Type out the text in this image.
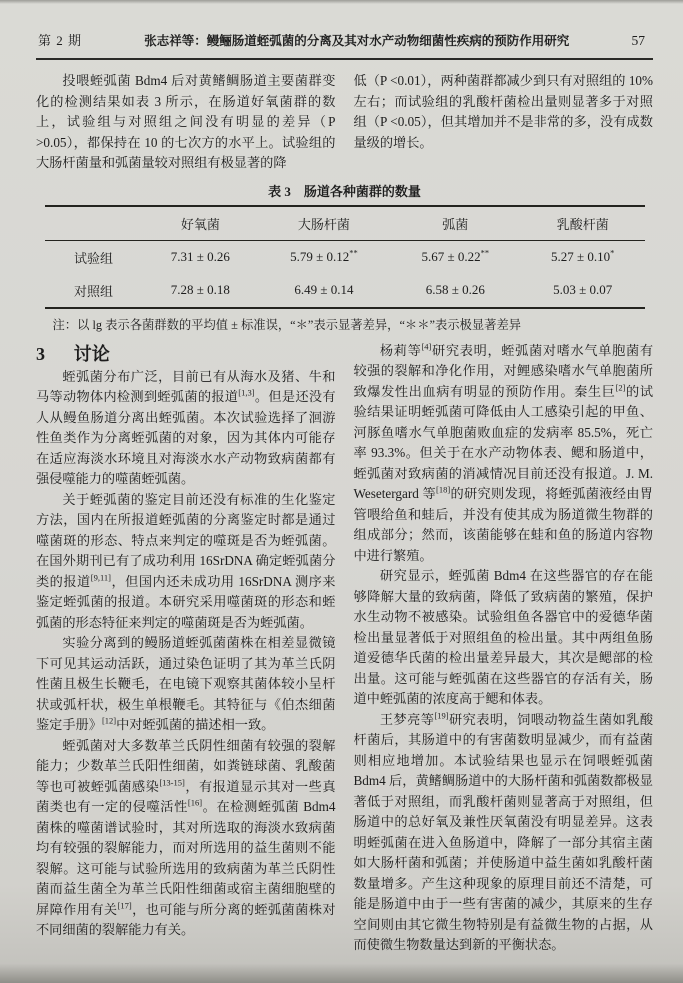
第 2 期	张志祥等：鳗鲡肠道蛭弧菌的分离及其对水产动物细菌性疾病的预防作用研究	57

投喂蛭弧菌 Bdm4 后对黄鳍鲷肠道主要菌群变化的检测结果如表 3 所示，在肠道好氧菌群的数上，试验组与对照组之间没有明显的差异（P >0.05），都保持在 10 的七次方的水平上。试验组的大肠杆菌量和弧菌量较对照组有极显著的降

低（P <0.01），两种菌群都减少到只有对照组的 10% 左右；而试验组的乳酸杆菌检出量则显著多于对照组（P <0.05），但其增加并不是非常的多，没有成数量级的增长。

表 3　肠道各种菌群的数量
	好氧菌	大肠杆菌	弧菌	乳酸杆菌
试验组	7.31 ± 0.26	5.79 ± 0.12**	5.67 ± 0.22**	5.27 ± 0.10*
对照组	7.28 ± 0.18	6.49 ± 0.14	6.58 ± 0.26	5.03 ± 0.07
注：以 lg 表示各菌群数的平均值 ± 标准误，“＊”表示显著差异，“＊＊”表示极显著差异

3 讨论

蛭弧菌分布广泛，目前已有从海水及猪、牛和马等动物体内检测到蛭弧菌的报道[1,3]。但是还没有人从鳗鱼肠道分离出蛭弧菌。本次试验选择了洄游性鱼类作为分离蛭弧菌的对象，因为其体内可能存在适应海淡水环境且对海淡水水产动物致病菌都有强侵噬能力的噬菌蛭弧菌。

关于蛭弧菌的鉴定目前还没有标准的生化鉴定方法，国内在所报道蛭弧菌的分离鉴定时都是通过噬菌斑的形态、特点来判定的噬斑是否为蛭弧菌。在国外期刊已有了成功利用 16SrDNA 确定蛭弧菌分类的报道[9,11]，但国内还未成功用 16SrDNA 测序来鉴定蛭弧菌的报道。本研究采用噬菌斑的形态和蛭弧菌的形态特征来判定的噬菌斑是否为蛭弧菌。

实验分离到的鳗肠道蛭弧菌菌株在相差显微镜下可见其运动活跃，通过染色证明了其为革兰氏阴性菌且极生长鞭毛，在电镜下观察其菌体较小呈杆状或弧杆状，极生单根鞭毛。其特征与《伯杰细菌鉴定手册》[12]中对蛭弧菌的描述相一致。

蛭弧菌对大多数革兰氏阴性细菌有较强的裂解能力；少数革兰氏阳性细菌，如粪链球菌、乳酸菌等也可被蛭弧菌感染[13-15]，有报道显示其对一些真菌类也有一定的侵噬活性[16]。在检测蛭弧菌 Bdm4 菌株的噬菌谱试验时，其对所选取的海淡水致病菌均有较强的裂解能力，而对所选用的益生菌则不能裂解。这可能与试验所选用的致病菌为革兰氏阴性菌而益生菌全为革兰氏阳性细菌或宿主菌细胞壁的屏障作用有关[17]，也可能与所分离的蛭弧菌菌株对不同细菌的裂解能力有关。

杨莉等[4]研究表明，蛭弧菌对嗜水气单胞菌有较强的裂解和净化作用，对鲤感染嗜水气单胞菌所致爆发性出血病有明显的预防作用。秦生巨[2]的试验结果证明蛭弧菌可降低由人工感染引起的甲鱼、河豚鱼嗜水气单胞菌败血症的发病率 85.5%，死亡率 93.3%。但关于在水产动物体表、鳃和肠道中，蛭弧菌对致病菌的消减情况目前还没有报道。J. M. Wesetergard 等[18]的研究则发现，将蛭弧菌液经由胃管喂给鱼和蛙后，并没有使其成为肠道微生物群的组成部分；然而，该菌能够在蛙和鱼的肠道内容物中进行繁殖。

研究显示，蛭弧菌 Bdm4 在这些器官的存在能够降解大量的致病菌，降低了致病菌的繁殖，保护水生动物不被感染。试验组鱼各器官中的爱德华菌检出量显著低于对照组鱼的检出量。其中两组鱼肠道爱德华氏菌的检出量差异最大，其次是鳃部的检出量。这可能与蛭弧菌在这些器官的存活有关，肠道中蛭弧菌的浓度高于鳃和体表。

王梦亮等[19]研究表明，饲喂动物益生菌如乳酸杆菌后，其肠道中的有害菌数明显减少，而有益菌则相应地增加。本试验结果也显示在饲喂蛭弧菌 Bdm4 后，黄鳍鲷肠道中的大肠杆菌和弧菌数都极显著低于对照组，而乳酸杆菌则显著高于对照组，但肠道中的总好氧及兼性厌氧菌没有明显差异。这表明蛭弧菌在进入鱼肠道中，降解了一部分其宿主菌如大肠杆菌和弧菌；并使肠道中益生菌如乳酸杆菌数量增多。产生这种现象的原理目前还不清楚，可能是肠道中由于一些有害菌的减少，其原来的生存空间则由其它微生物特别是有益微生物的占据，从而使微生物数量达到新的平衡状态。
